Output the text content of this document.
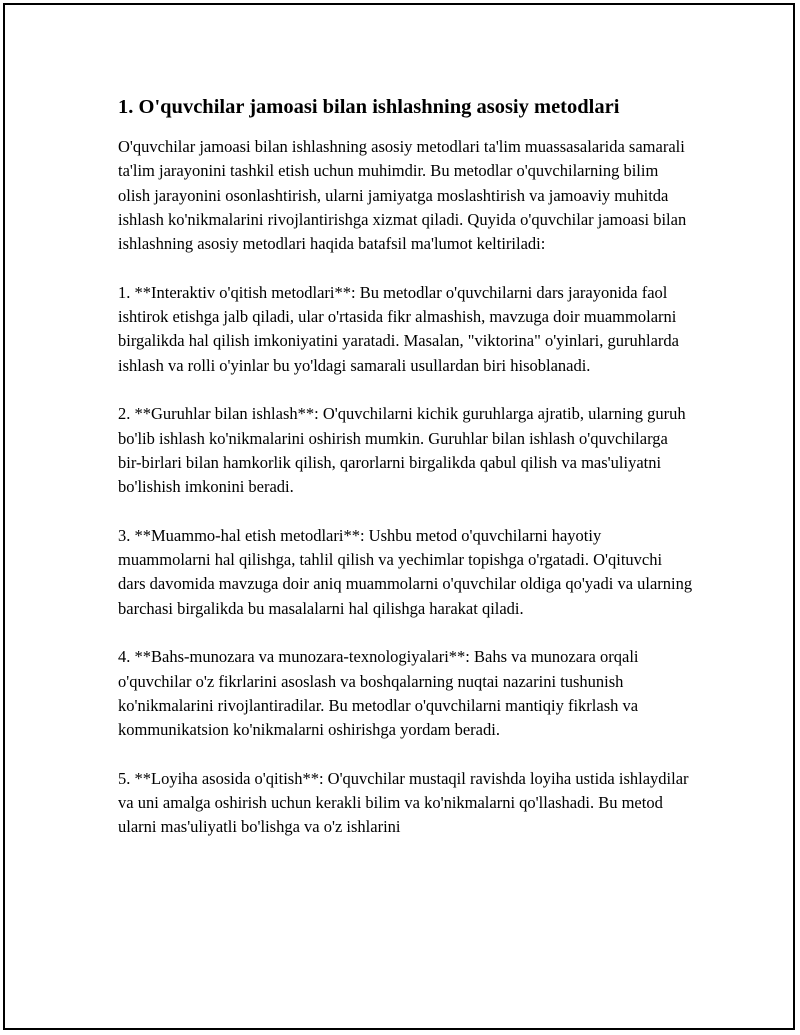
1. O'quvchilar jamoasi bilan ishlashning asosiy metodlari

O'quvchilar jamoasi bilan ishlashning asosiy metodlari ta'lim muassasalarida samarali ta'lim jarayonini tashkil etish uchun muhimdir. Bu metodlar o'quvchilarning bilim olish jarayonini osonlashtirish, ularni jamiyatga moslashtirish va jamoaviy muhitda ishlash ko'nikmalarini rivojlantirishga xizmat qiladi. Quyida o'quvchilar jamoasi bilan ishlashning asosiy metodlari haqida batafsil ma'lumot keltiriladi:

1. **Interaktiv o'qitish metodlari**: Bu metodlar o'quvchilarni dars jarayonida faol ishtirok etishga jalb qiladi, ular o'rtasida fikr almashish, mavzuga doir muammolarni birgalikda hal qilish imkoniyatini yaratadi. Masalan, "viktorina" o'yinlari, guruhlarda ishlash va rolli o'yinlar bu yo'ldagi samarali usullardan biri hisoblanadi.

2. **Guruhlar bilan ishlash**: O'quvchilarni kichik guruhlarga ajratib, ularning guruh bo'lib ishlash ko'nikmalarini oshirish mumkin. Guruhlar bilan ishlash o'quvchilarga bir-birlari bilan hamkorlik qilish, qarorlarni birgalikda qabul qilish va mas'uliyatni bo'lishish imkonini beradi.

3. **Muammo-hal etish metodlari**: Ushbu metod o'quvchilarni hayotiy muammolarni hal qilishga, tahlil qilish va yechimlar topishga o'rgatadi. O'qituvchi dars davomida mavzuga doir aniq muammolarni o'quvchilar oldiga qo'yadi va ularning barchasi birgalikda bu masalalarni hal qilishga harakat qiladi.

4. **Bahs-munozara va munozara-texnologiyalari**: Bahs va munozara orqali o'quvchilar o'z fikrlarini asoslash va boshqalarning nuqtai nazarini tushunish ko'nikmalarini rivojlantiradilar. Bu metodlar o'quvchilarni mantiqiy fikrlash va kommunikatsion ko'nikmalarni oshirishga yordam beradi.

5. **Loyiha asosida o'qitish**: O'quvchilar mustaqil ravishda loyiha ustida ishlaydilar va uni amalga oshirish uchun kerakli bilim va ko'nikmalarni qo'llashadi. Bu metod ularni mas'uliyatli bo'lishga va o'z ishlarini
